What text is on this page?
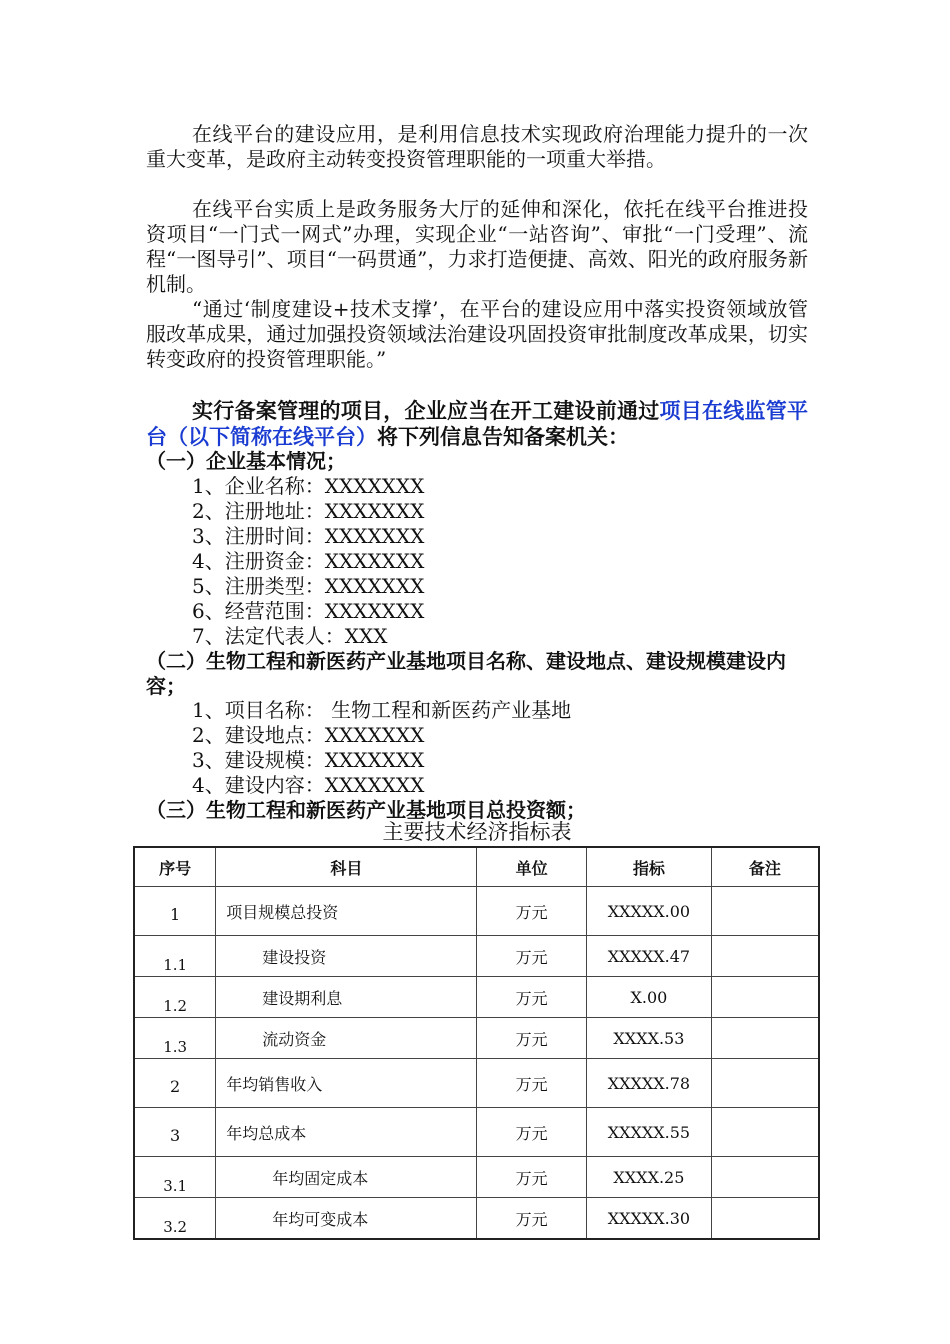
在线平台的建设应用，是利用信息技术实现政府治理能力提升的一次重大变革，是政府主动转变投资管理职能的一项重大举措。

在线平台实质上是政务服务大厅的延伸和深化，依托在线平台推进投资项目“一门式一网式”办理，实现企业“一站咨询”、审批“一门受理”、流程“一图导引”、项目“一码贯通”，力求打造便捷、高效、阳光的政府服务新机制。

“通过‘制度建设+技术支撑’，在平台的建设应用中落实投资领域放管服改革成果，通过加强投资领域法治建设巩固投资审批制度改革成果，切实转变政府的投资管理职能。”

实行备案管理的项目，企业应当在开工建设前通过项目在线监管平台（以下简称在线平台）将下列信息告知备案机关：

（一）企业基本情况；

1、企业名称：XXXXXXX
2、注册地址：XXXXXXX
3、注册时间：XXXXXXX
4、注册资金：XXXXXXX
5、注册类型：XXXXXXX
6、经营范围：XXXXXXX
7、法定代表人：XXX

（二）生物工程和新医药产业基地项目名称、建设地点、建设规模建设内容；

1、项目名称： 生物工程和新医药产业基地
2、建设地点：XXXXXXX
3、建设规模：XXXXXXX
4、建设内容：XXXXXXX

（三）生物工程和新医药产业基地项目总投资额；

主要技术经济指标表

序号	科目	单位	指标	备注
1	项目规模总投资	万元	XXXXX.00	
1.1	建设投资	万元	XXXXX.47	
1.2	建设期利息	万元	X.00	
1.3	流动资金	万元	XXXX.53	
2	年均销售收入	万元	XXXXX.78	
3	年均总成本	万元	XXXXX.55	
3.1	年均固定成本	万元	XXXX.25	
3.2	年均可变成本	万元	XXXXX.30	
